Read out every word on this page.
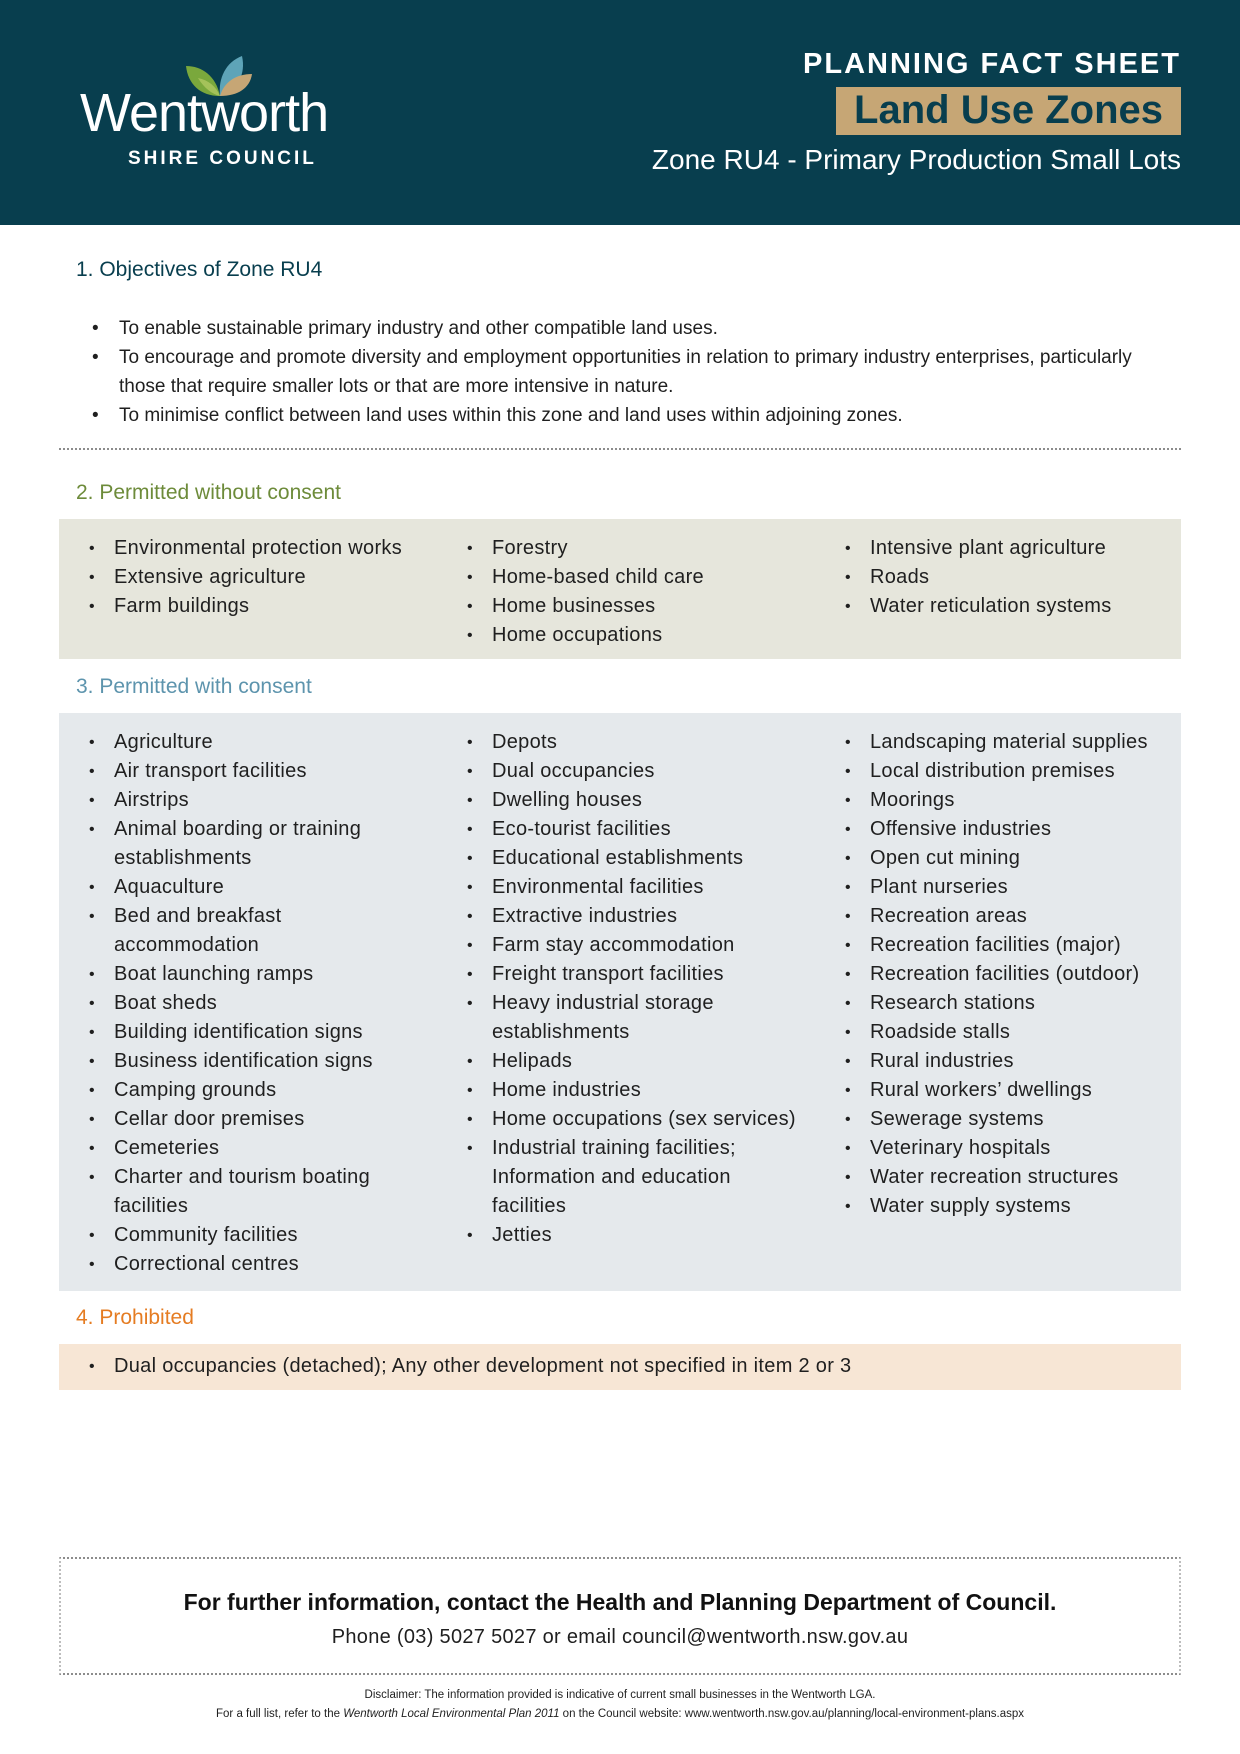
Wentworth
SHIRE COUNCIL
PLANNING FACT SHEET
Land Use Zones
Zone RU4 - Primary Production Small Lots
1. Objectives of Zone RU4
• To enable sustainable primary industry and other compatible land uses.
• To encourage and promote diversity and employment opportunities in relation to primary industry enterprises, particularly those that require smaller lots or that are more intensive in nature.
• To minimise conflict between land uses within this zone and land uses within adjoining zones.
2. Permitted without consent
• Environmental protection works
• Extensive agriculture
• Farm buildings
• Forestry
• Home-based child care
• Home businesses
• Home occupations
• Intensive plant agriculture
• Roads
• Water reticulation systems
3. Permitted with consent
• Agriculture
• Air transport facilities
• Airstrips
• Animal boarding or training establishments
• Aquaculture
• Bed and breakfast accommodation
• Boat launching ramps
• Boat sheds
• Building identification signs
• Business identification signs
• Camping grounds
• Cellar door premises
• Cemeteries
• Charter and tourism boating facilities
• Community facilities
• Correctional centres
• Depots
• Dual occupancies
• Dwelling houses
• Eco-tourist facilities
• Educational establishments
• Environmental facilities
• Extractive industries
• Farm stay accommodation
• Freight transport facilities
• Heavy industrial storage establishments
• Helipads
• Home industries
• Home occupations (sex services)
• Industrial training facilities; Information and education facilities
• Jetties
• Landscaping material supplies
• Local distribution premises
• Moorings
• Offensive industries
• Open cut mining
• Plant nurseries
• Recreation areas
• Recreation facilities (major)
• Recreation facilities (outdoor)
• Research stations
• Roadside stalls
• Rural industries
• Rural workers’ dwellings
• Sewerage systems
• Veterinary hospitals
• Water recreation structures
• Water supply systems
4. Prohibited
• Dual occupancies (detached); Any other development not specified in item 2 or 3
For further information, contact the Health and Planning Department of Council.
Phone (03) 5027 5027 or email council@wentworth.nsw.gov.au
Disclaimer: The information provided is indicative of current small businesses in the Wentworth LGA.
For a full list, refer to the Wentworth Local Environmental Plan 2011 on the Council website: www.wentworth.nsw.gov.au/planning/local-environment-plans.aspx
